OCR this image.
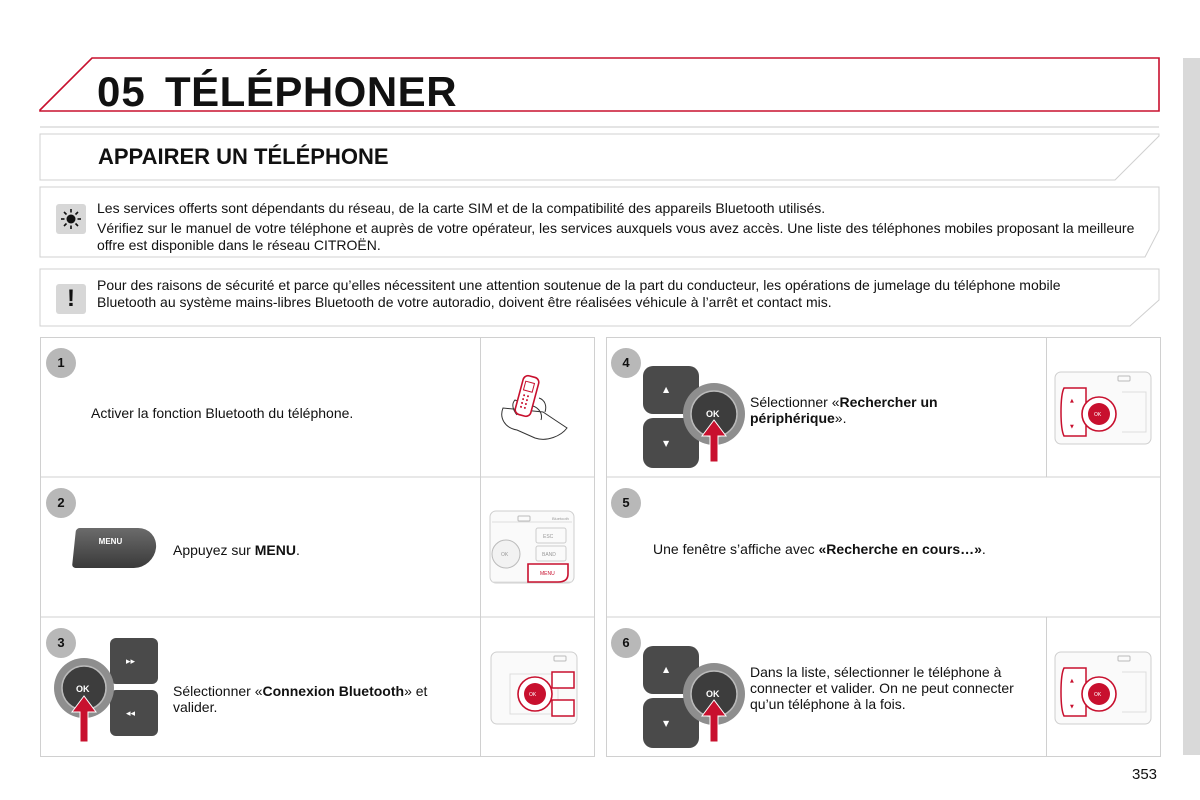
05 TÉLÉPHONER
APPAIRER UN TÉLÉPHONE
Les services offerts sont dépendants du réseau, de la carte SIM et de la compatibilité des appareils Bluetooth utilisés.
Vérifiez sur le manuel de votre téléphone et auprès de votre opérateur, les services auxquels vous avez accès. Une liste des téléphones mobiles proposant la meilleure offre est disponible dans le réseau CITROËN.
!	Pour des raisons de sécurité et parce qu’elles nécessitent une attention soutenue de la part du conducteur, les opérations de jumelage du téléphone mobile Bluetooth au système mains-libres Bluetooth de votre autoradio, doivent être réalisées véhicule à l’arrêt et contact mis.
1
Activer la fonction Bluetooth du téléphone.
2
MENU
Appuyez sur MENU.
Bluetooth
OK
ESC
BAND
MENU
3
▸▸
◂◂
OK	Sélectionner «Connexion Bluetooth» et valider.
OK
4
▲
▼
OK
Sélectionner «Rechercher un périphérique».
▲
▼
OK
5
Une fenêtre s’affiche avec «Recherche en cours…».
6
▲
▼
OK
Dans la liste, sélectionner le téléphone à connecter et valider. On ne peut connecter qu’un téléphone à la fois.
▲
▼
OK
353
